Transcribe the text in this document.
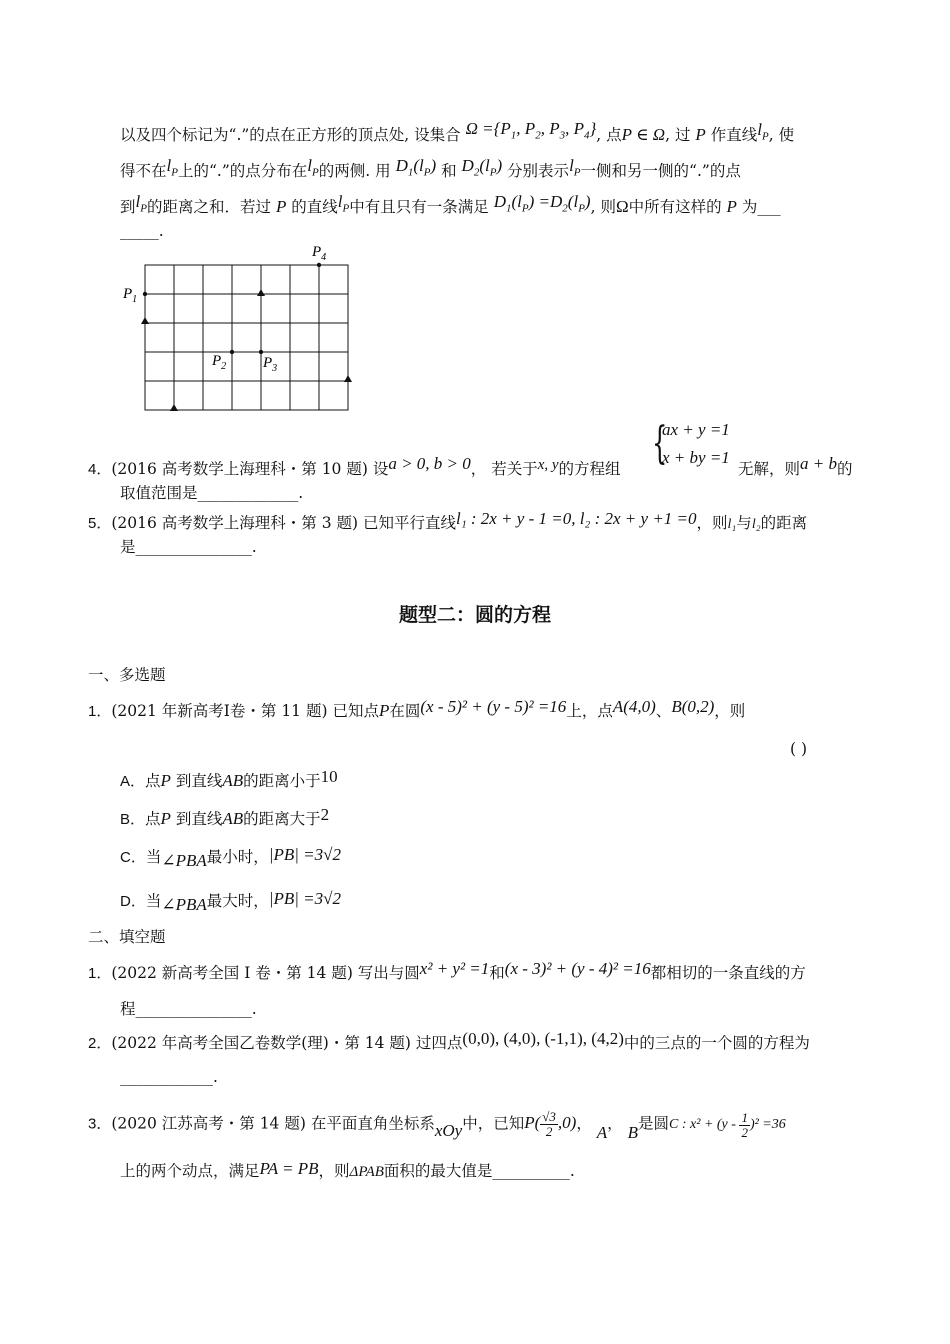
以及四个标记为“.”的点在正方形的顶点处, 设集合 $\Omega =\{P_1$, $P_2$, $P_3$, $P_4$}, 点P ∈ Ω, 过 P 作直线$l_P$, 使
得不在$l_P$上的“.”的点分布在$l_P$的两侧. 用 $D_1(l_P)$ 和 $D_2(l_P)$ 分别表示$l_P$一侧和另一侧的“.”的点
到$l_P$的距离之和．若过 P 的直线$l_P$中有且只有一条满足 $D_1(l_P) =D_2(l_P)$, 则Ω中所有这样的 P 为___
_____.
$P_1$
$P_2$ $P_3$
$P_4$
4．(2016 高考数学上海理科・第 10 题) 设a > 0, b > 0， 若关于x, y的方程组 {
ax + y =1
x + by =1
无解，则a + b的
取值范围是_____________.
5．(2016 高考数学上海理科・第 3 题) 已知平行直线l₁ : 2x + y - 1 =0, l₂ : 2x + y +1 =0，则l₁与l₂的距离
是_______________.
题型二：圆的方程
一、多选题
1．(2021 年新高考Ⅰ卷・第 11 题) 已知点P在圆(x - 5)² + (y - 5)² =16上，点A(4,0)、B(0,2)，则
( )
A．点P 到直线AB的距离小于10
B．点P 到直线AB的距离大于2
C．当∠PBA最小时，|PB| =3√2
D．当∠PBA最大时，|PB| =3√2
二、填空题
1．(2022 新高考全国 I 卷・第 14 题) 写出与圆x² + y² =1和(x - 3)² + (y - 4)² =16都相切的一条直线的方
程_______________.
2．(2022 年高考全国乙卷数学(理)・第 14 题) 过四点(0,0), (4,0), (-1,1), (4,2)中的三点的一个圆的方程为
____________.
3．(2020 江苏高考・第 14 题) 在平面直角坐标系xOy中，已知$P( \frac{√3}{2} ,0)$， A， B是圆C : $x^2 + (y - \frac{1}{2} )^2 =36$
上的两个动点，满足PA = PB，则ΔPAB面积的最大值是__________.
